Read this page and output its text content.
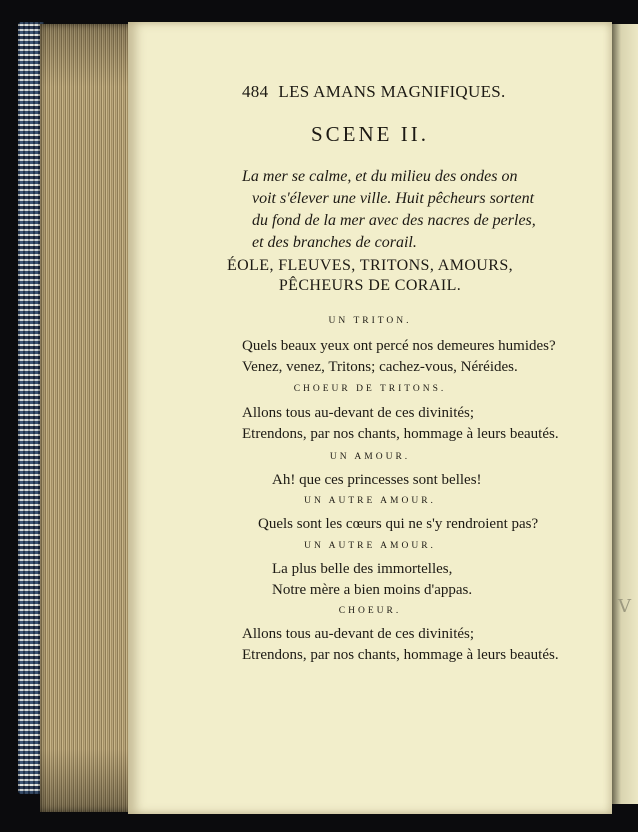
V
484 LES AMANS MAGNIFIQUES.
SCENE II.
La mer se calme, et du milieu des ondes on
voit s'élever une ville. Huit pêcheurs sortent
du fond de la mer avec des nacres de perles,
et des branches de corail.
ÉOLE, FLEUVES, TRITONS, AMOURS,
PÊCHEURS DE CORAIL.
UN TRITON.
Quels beaux yeux ont percé nos demeures humides?
Venez, venez, Tritons; cachez-vous, Néréides.
CHOEUR DE TRITONS.
Allons tous au-devant de ces divinités;
Etrendons, par nos chants, hommage à leurs beautés.
UN AMOUR.
Ah! que ces princesses sont belles!
UN AUTRE AMOUR.
Quels sont les cœurs qui ne s'y rendroient pas?
UN AUTRE AMOUR.
La plus belle des immortelles,
Notre mère a bien moins d'appas.
CHOEUR.
Allons tous au-devant de ces divinités;
Etrendons, par nos chants, hommage à leurs beautés.
